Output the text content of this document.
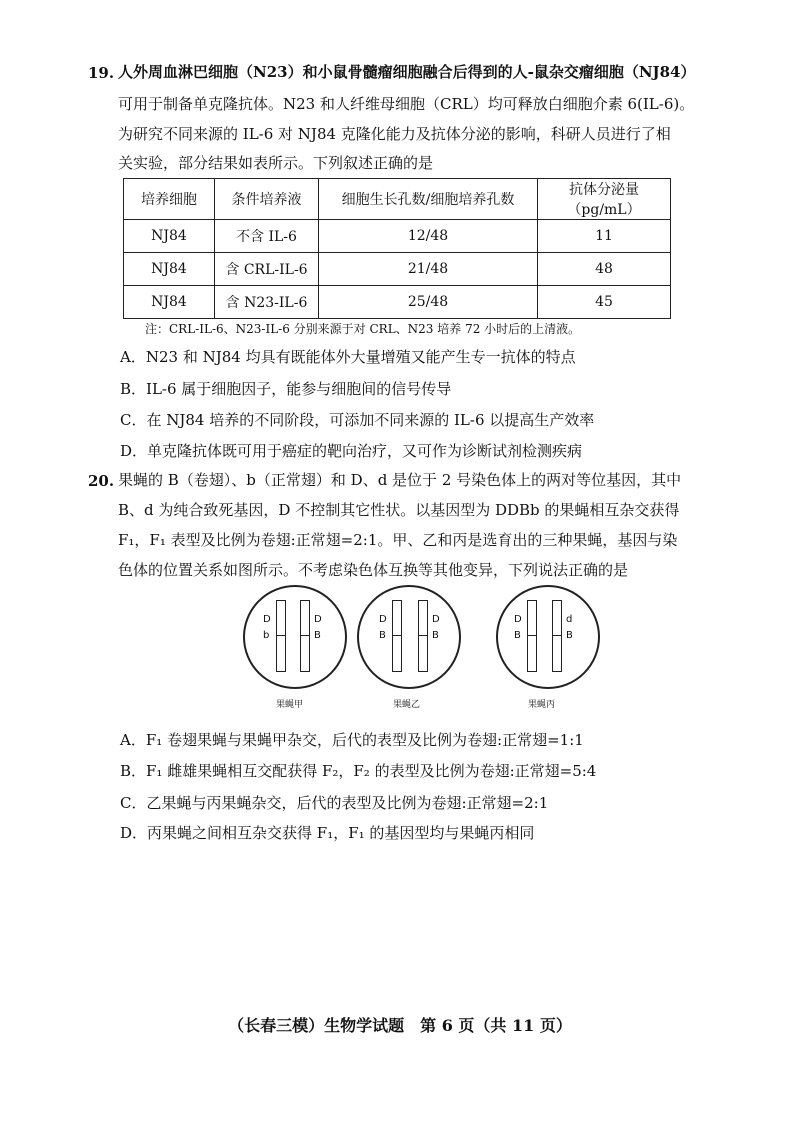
19. 人外周血淋巴细胞（N23）和小鼠骨髓瘤细胞融合后得到的人-鼠杂交瘤细胞（NJ84）
可用于制备单克隆抗体。N23 和人纤维母细胞（CRL）均可释放白细胞介素 6(IL-6)。
为研究不同来源的 IL-6 对 NJ84 克隆化能力及抗体分泌的影响，科研人员进行了相
关实验，部分结果如表所示。下列叙述正确的是
培养细胞	条件培养液	细胞生长孔数/细胞培养孔数	抗体分泌量（pg/mL）
NJ84	不含 IL-6	12/48	11
NJ84	含 CRL-IL-6	21/48	48
NJ84	含 N23-IL-6	25/48	45
注：CRL-IL-6、N23-IL-6 分别来源于对 CRL、N23 培养 72 小时后的上清液。
A．N23 和 NJ84 均具有既能体外大量增殖又能产生专一抗体的特点
B．IL-6 属于细胞因子，能参与细胞间的信号传导
C．在 NJ84 培养的不同阶段，可添加不同来源的 IL-6 以提高生产效率
D．单克隆抗体既可用于癌症的靶向治疗，又可作为诊断试剂检测疾病
20. 果蝇的 B（卷翅）、b（正常翅）和 D、d 是位于 2 号染色体上的两对等位基因，其中
B、d 为纯合致死基因，D 不控制其它性状。以基因型为 DDBb 的果蝇相互杂交获得
F₁，F₁ 表型及比例为卷翅:正常翅=2:1。甲、乙和丙是选育出的三种果蝇，基因与染
色体的位置关系如图所示。不考虑染色体互换等其他变异，下列说法正确的是
D
b
D
B
D
B
D
B
D
B
d
B
果蝇甲	果蝇乙	果蝇丙
A．F₁ 卷翅果蝇与果蝇甲杂交，后代的表型及比例为卷翅:正常翅=1:1
B．F₁ 雌雄果蝇相互交配获得 F₂，F₂ 的表型及比例为卷翅:正常翅=5:4
C．乙果蝇与丙果蝇杂交，后代的表型及比例为卷翅:正常翅=2:1
D．丙果蝇之间相互杂交获得 F₁，F₁ 的基因型均与果蝇丙相同
（长春三模）生物学试题　第 6 页（共 11 页）
